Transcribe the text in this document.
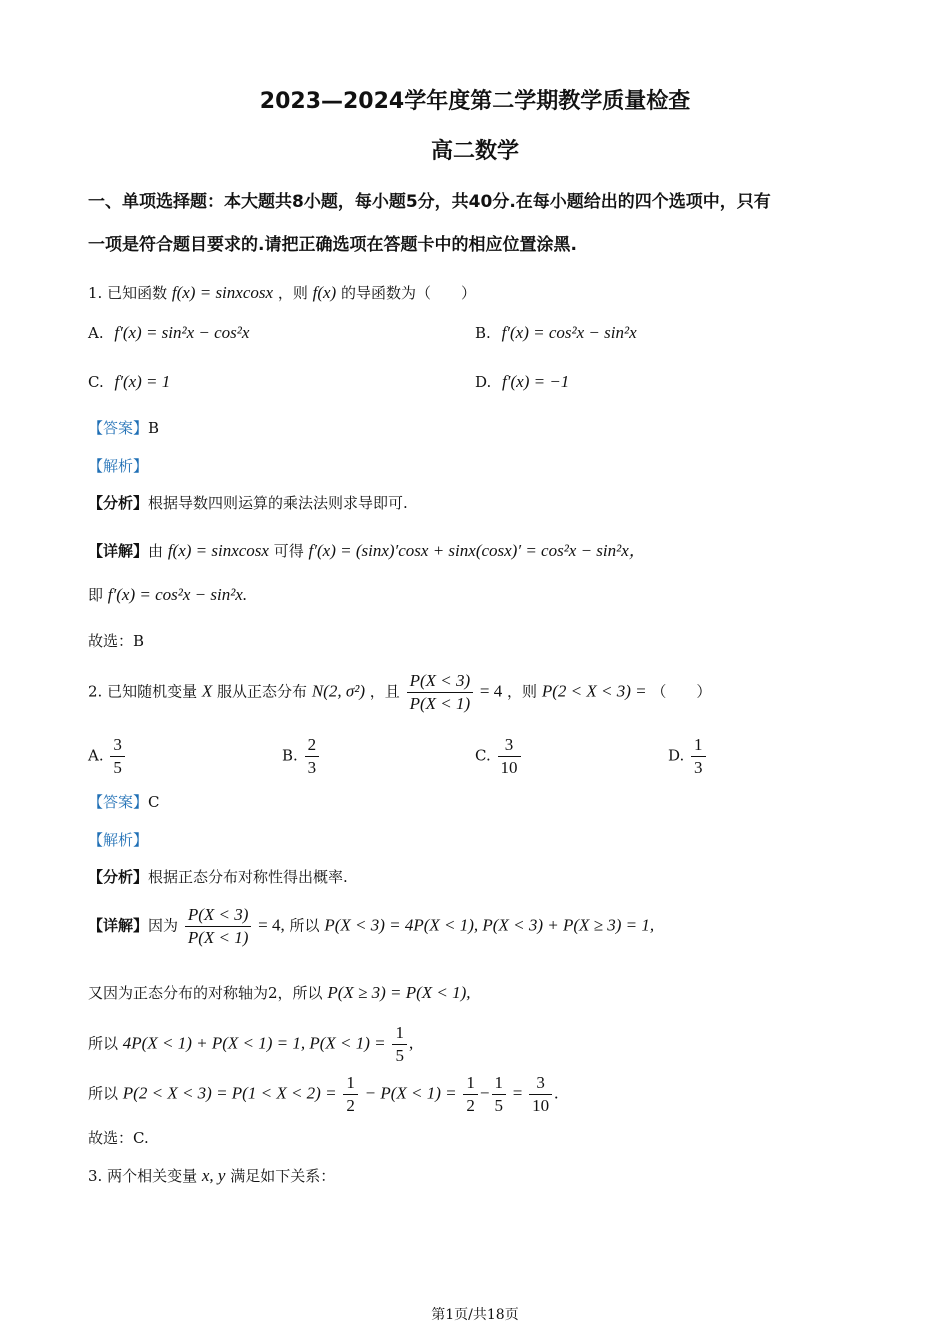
2023—2024学年度第二学期教学质量检查
高二数学
一、单项选择题：本大题共8小题，每小题5分，共40分.在每小题给出的四个选项中，只有
一项是符合题目要求的.请把正确选项在答题卡中的相应位置涂黑.
1. 已知函数 f(x) = sinxcosx ，则 f(x) 的导函数为（　　）
A. f′(x) = sin²x − cos²x	B. f′(x) = cos²x − sin²x
C. f′(x) = 1	D. f′(x) = −1
【答案】B
【解析】
【分析】根据导数四则运算的乘法法则求导即可.
【详解】由 f(x) = sinxcosx 可得 f′(x) = (sinx)′cosx + sinx(cosx)′ = cos²x − sin²x，
即 f′(x) = cos²x − sin²x.
故选：B
2. 已知随机变量 X 服从正态分布 N(2, σ²) ，且 $\frac{P(X < 3)}{P(X < 1)} = 4$ ，则 P(2 < X < 3) = （　　）
A. $\frac{3}{5}$	B. $\frac{2}{3}$	C. $\frac{3}{10}$	D. $\frac{1}{3}$
【答案】C
【解析】
【分析】根据正态分布对称性得出概率.
【详解】因为 $\frac{P(X < 3)}{P(X < 1)} = 4$, 所以 P(X < 3) = 4P(X < 1), P(X < 3) + P(X ≥ 3) = 1,
又因为正态分布的对称轴为2，所以 P(X ≥ 3) = P(X < 1),
所以 4P(X < 1) + P(X < 1) = 1, $P(X < 1) = \frac{1}{5}$ ,
所以 $P(2 < X < 3) = P(1 < X < 2) = \frac{1}{2} - P(X < 1) = \frac{1}{2} - \frac{1}{5} = \frac{3}{10}$ .
故选：C.
3. 两个相关变量 x, y 满足如下关系：
第1页/共18页
